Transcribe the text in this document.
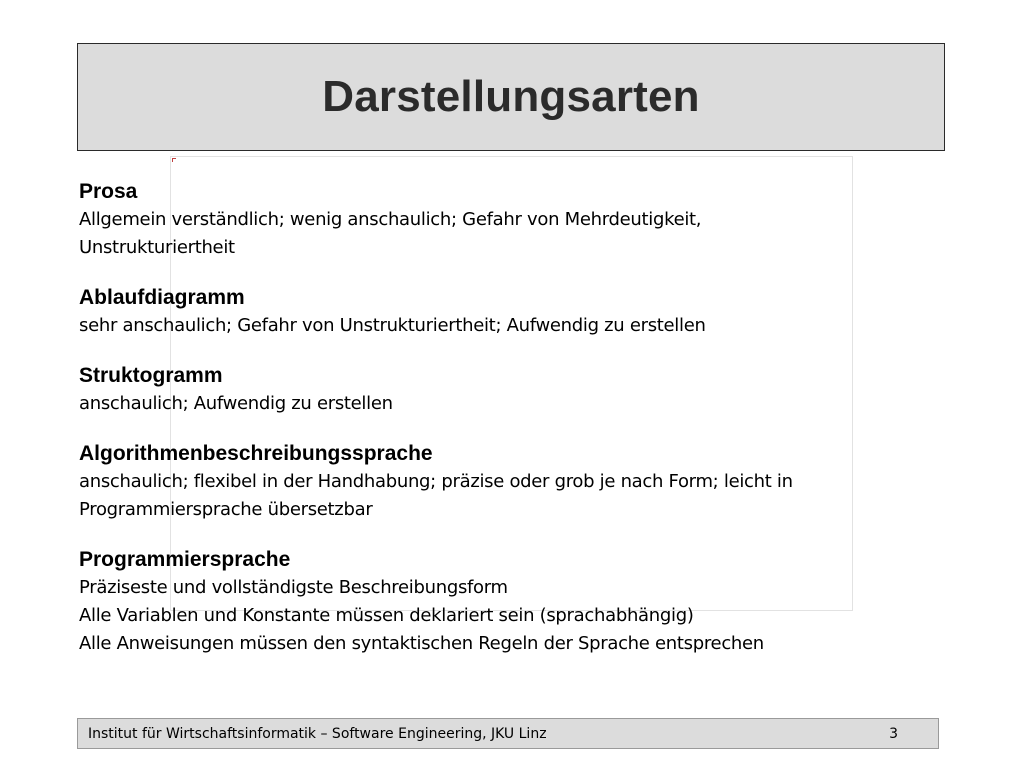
Darstellungsarten
Prosa

Allgemein verständlich; wenig anschaulich; Gefahr von Mehrdeutigkeit,

Unstrukturiertheit

Ablaufdiagramm

sehr anschaulich; Gefahr von Unstrukturiertheit; Aufwendig zu erstellen

Struktogramm

anschaulich; Aufwendig zu erstellen

Algorithmenbeschreibungssprache

anschaulich; flexibel in der Handhabung; präzise oder grob je nach Form; leicht in

Programmiersprache übersetzbar

Programmiersprache

Präziseste und vollständigste Beschreibungsform

Alle Variablen und Konstante müssen deklariert sein (sprachabhängig)

Alle Anweisungen müssen den syntaktischen Regeln der Sprache entsprechen

Institut für Wirtschaftsinformatik – Software Engineering, JKU Linz	3
